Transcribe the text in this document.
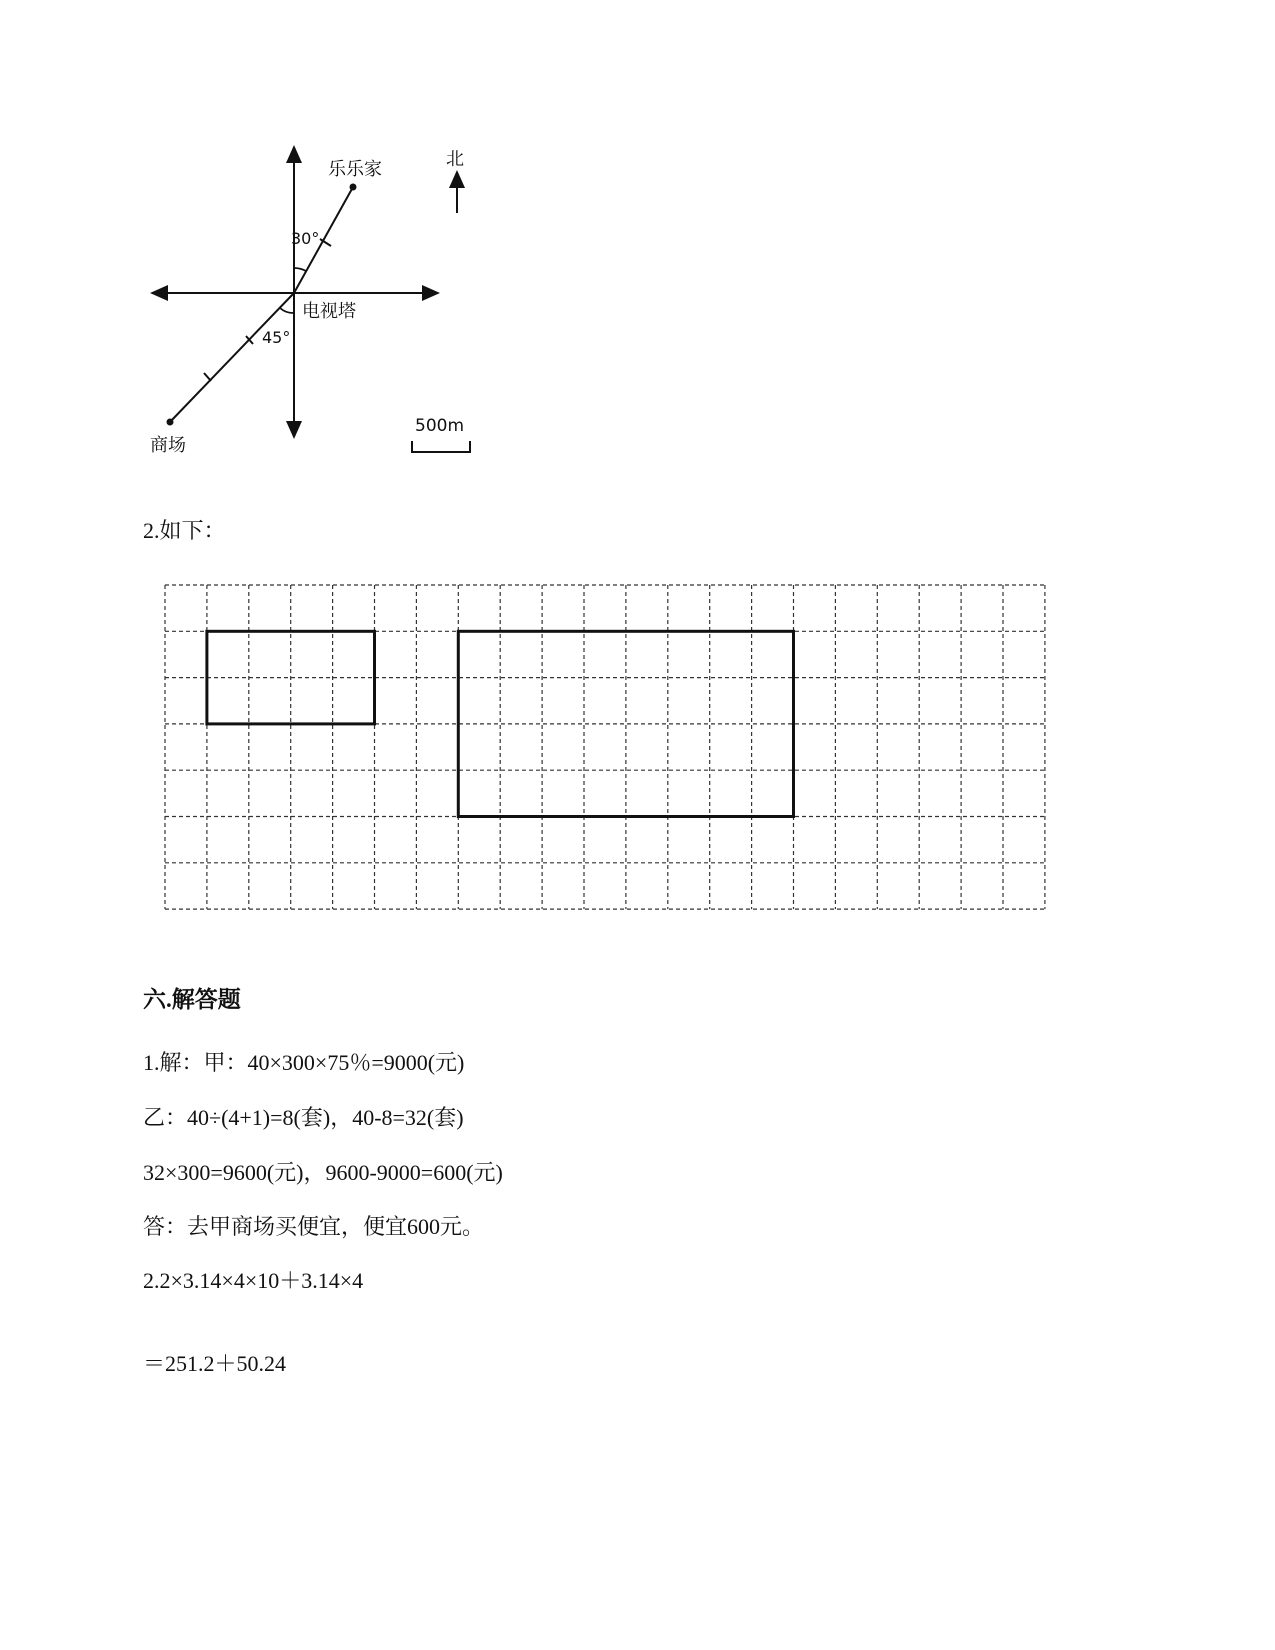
30°
45°
乐乐家
电视塔
商场
北
500m
2.如下：
六.解答题
1.解：甲：40×300×75％=9000(元)
乙：40÷(4+1)=8(套)，40-8=32(套)
32×300=9600(元)，9600-9000=600(元)
答：去甲商场买便宜，便宜600元。
2.2×3.14×4×10＋3.14×4
＝251.2＋50.24
